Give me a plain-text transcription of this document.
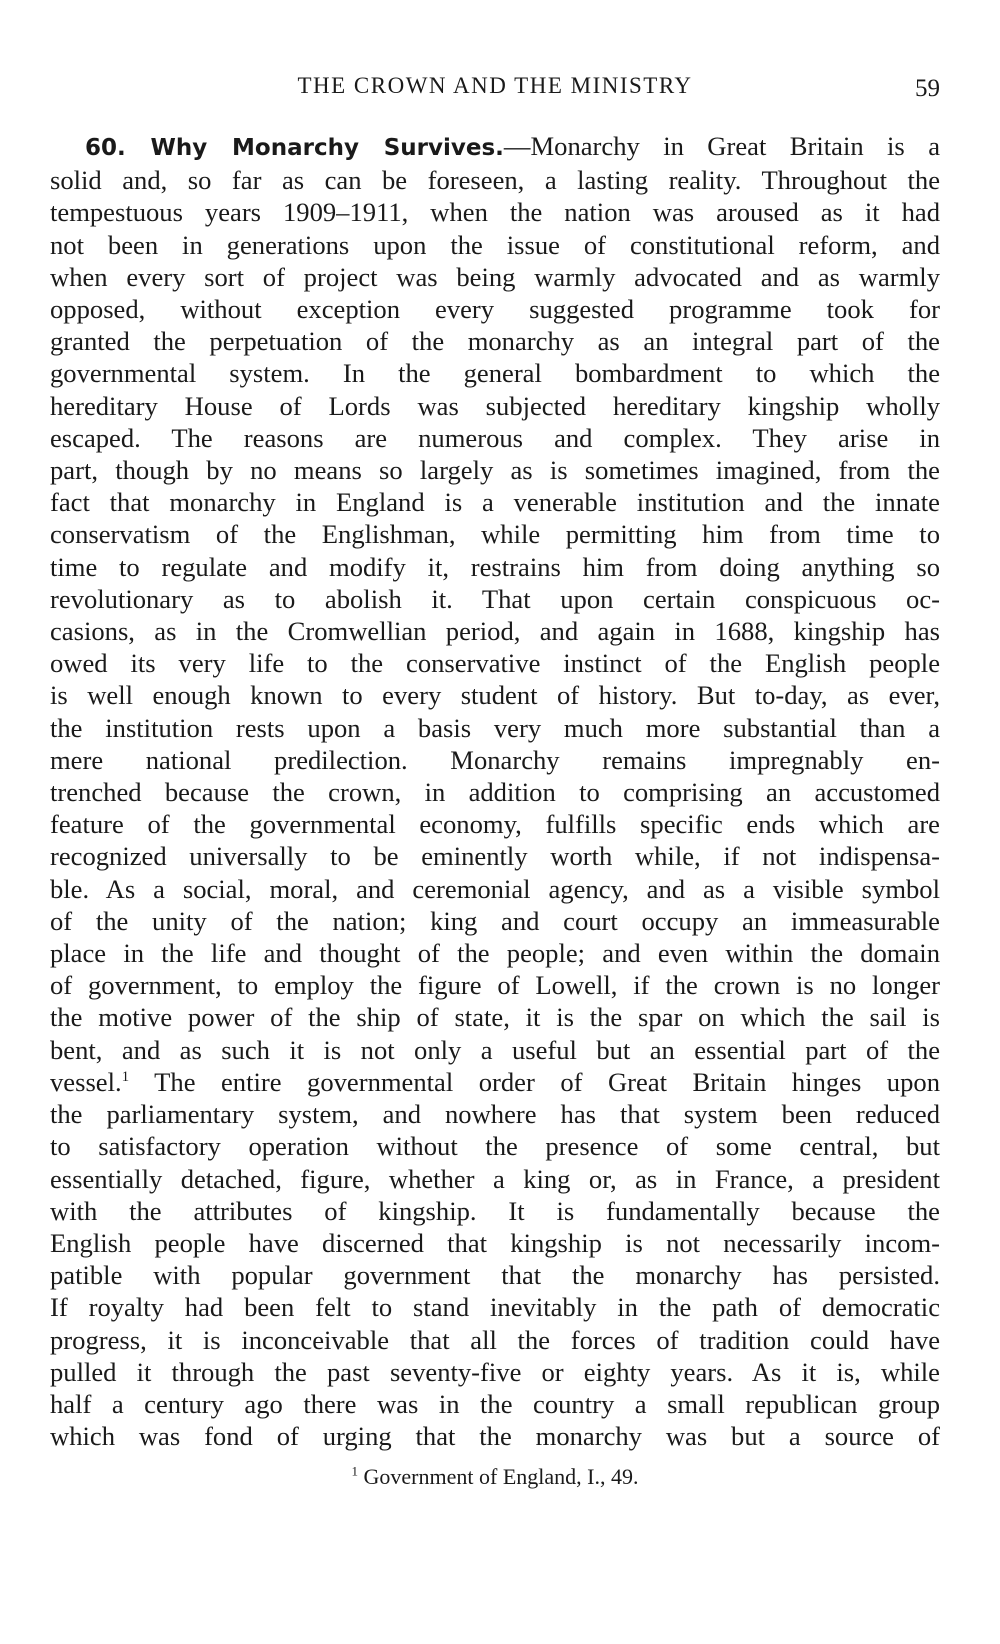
THE CROWN AND THE MINISTRY	59
60. Why Monarchy Survives.—Monarchy in Great Britain is a
solid and, so far as can be foreseen, a lasting reality. Throughout the
tempestuous years 1909–1911, when the nation was aroused as it had
not been in generations upon the issue of constitutional reform, and
when every sort of project was being warmly advocated and as warmly
opposed, without exception every suggested programme took for
granted the perpetuation of the monarchy as an integral part of the
governmental system. In the general bombardment to which the
hereditary House of Lords was subjected hereditary kingship wholly
escaped. The reasons are numerous and complex. They arise in
part, though by no means so largely as is sometimes imagined, from the
fact that monarchy in England is a venerable institution and the innate
conservatism of the Englishman, while permitting him from time to
time to regulate and modify it, restrains him from doing anything so
revolutionary as to abolish it. That upon certain conspicuous oc-
casions, as in the Cromwellian period, and again in 1688, kingship has
owed its very life to the conservative instinct of the English people
is well enough known to every student of history. But to-day, as ever,
the institution rests upon a basis very much more substantial than a
mere national predilection. Monarchy remains impregnably en-
trenched because the crown, in addition to comprising an accustomed
feature of the governmental economy, fulfills specific ends which are
recognized universally to be eminently worth while, if not indispensa-
ble. As a social, moral, and ceremonial agency, and as a visible symbol
of the unity of the nation; king and court occupy an immeasurable
place in the life and thought of the people; and even within the domain
of government, to employ the figure of Lowell, if the crown is no longer
the motive power of the ship of state, it is the spar on which the sail is
bent, and as such it is not only a useful but an essential part of the
vessel.$^1$ The entire governmental order of Great Britain hinges upon
the parliamentary system, and nowhere has that system been reduced
to satisfactory operation without the presence of some central, but
essentially detached, figure, whether a king or, as in France, a president
with the attributes of kingship. It is fundamentally because the
English people have discerned that kingship is not necessarily incom-
patible with popular government that the monarchy has persisted.
If royalty had been felt to stand inevitably in the path of democratic
progress, it is inconceivable that all the forces of tradition could have
pulled it through the past seventy-five or eighty years. As it is, while
half a century ago there was in the country a small republican group
which was fond of urging that the monarchy was but a source of
$^1$ Government of England, I., 49.
